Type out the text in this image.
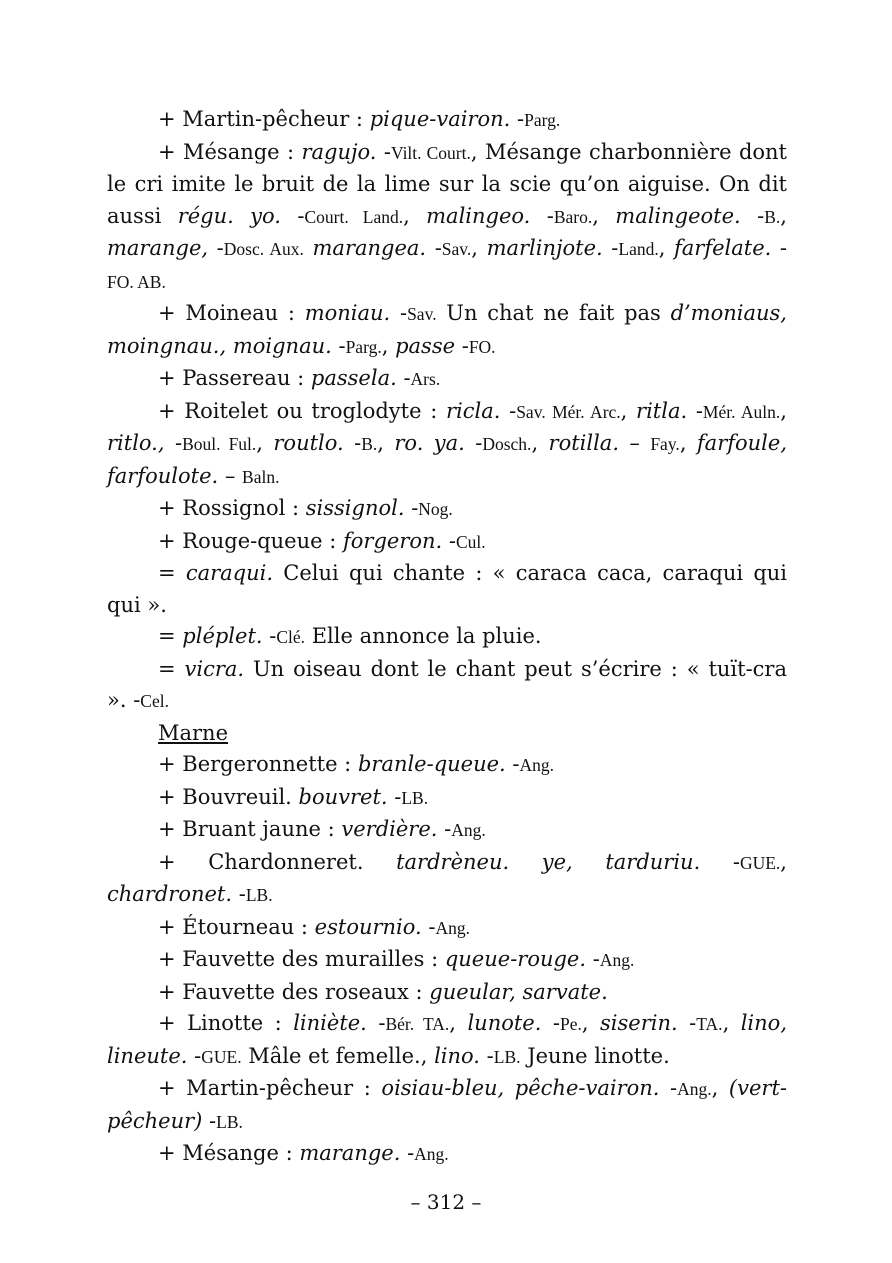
+ Martin-pêcheur : pique-vairon. -Parg.

+ Mésange : ragujo. -Vilt. Court., Mésange charbonnière dont le cri imite le bruit de la lime sur la scie qu’on aiguise. On dit aussi régu. yo. -Court. Land., malingeo. -Baro., malingeote. -B., marange, -Dosc. Aux. marangea. -Sav., marlinjote. -Land., farfelate. -FO. AB.

+ Moineau : moniau. -Sav. Un chat ne fait pas d’moniaus, moingnau., moignau. -Parg., passe -FO.

+ Passereau : passela. -Ars.

+ Roitelet ou troglodyte : ricla. -Sav. Mér. Arc., ritla. -Mér. Auln., ritlo., -Boul. Ful., routlo. -B., ro. ya. -Dosch., rotilla. – Fay., farfoule, farfoulote. – Baln.

+ Rossignol : sissignol. -Nog.

+ Rouge-queue : forgeron. -Cul.

= caraqui. Celui qui chante : « caraca caca, caraqui qui qui ».

= pléplet. -Clé. Elle annonce la pluie.

= vicra. Un oiseau dont le chant peut s’écrire : « tuït-cra ». -Cel.

Marne

+ Bergeronnette : branle-queue. -Ang.

+ Bouvreuil. bouvret. -LB.

+ Bruant jaune : verdière. -Ang.

+ Chardonneret. tardrèneu. ye, tarduriu. -GUE., chardronet. -LB.

+ Étourneau : estournio. -Ang.

+ Fauvette des murailles : queue-rouge. -Ang.

+ Fauvette des roseaux : gueular, sarvate.

+ Linotte : liniète. -Bér. TA., lunote. -Pe., siserin. -TA., lino, lineute. -GUE. Mâle et femelle., lino. -LB. Jeune linotte.

+ Martin-pêcheur : oisiau-bleu, pêche-vairon. -Ang., (vert-pêcheur) -LB.

+ Mésange : marange. -Ang.

– 312 –
